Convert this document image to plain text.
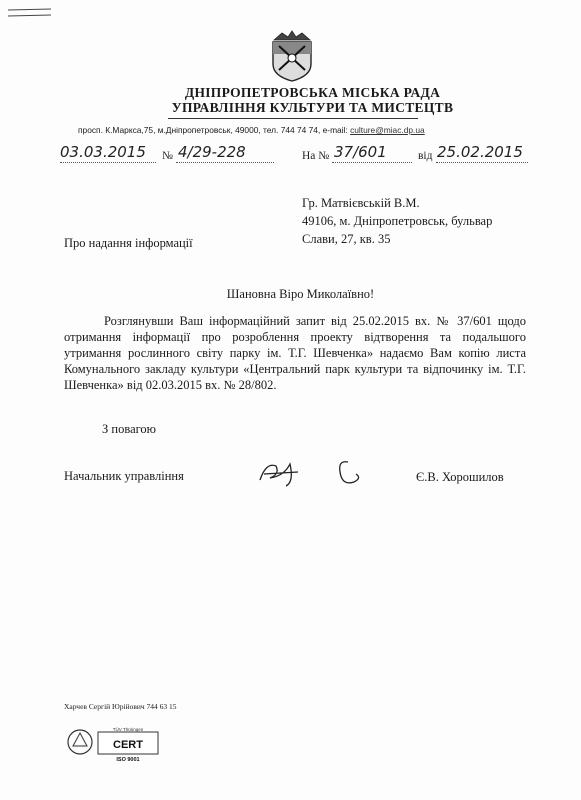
ДНІПРОПЕТРОВСЬКА МІСЬКА РАДА
УПРАВЛІННЯ КУЛЬТУРИ ТА МИСТЕЦТВ
просп. К.Маркса,75, м.Дніпропетровськ, 49000, тел. 744 74 74, e-mail: culture@miac.dp.ua
03.03.2015 № 4/29-228	На № 37/601	від 25.02.2015
Гр. Матвієвській В.М.
49106, м. Дніпропетровськ, бульвар
Слави, 27, кв. 35
Про надання інформації
Шановна Віро Миколаївно!
Розглянувши Ваш інформаційний запит від 25.02.2015 вх. № 37/601 щодо отримання інформації про розроблення проекту відтворення та подальшого утримання рослинного світу парку ім. Т.Г. Шевченка» надаємо Вам копію листа Комунального закладу культури «Центральний парк культури та відпочинку ім. Т.Г. Шевченка» від 02.03.2015 вх. № 28/802.
З повагою
Начальник управління	Є.В. Хорошилов
Харчев Сергій Юрійович 744 63 15
TÜV Thüringen
CERT
ISO 9001
